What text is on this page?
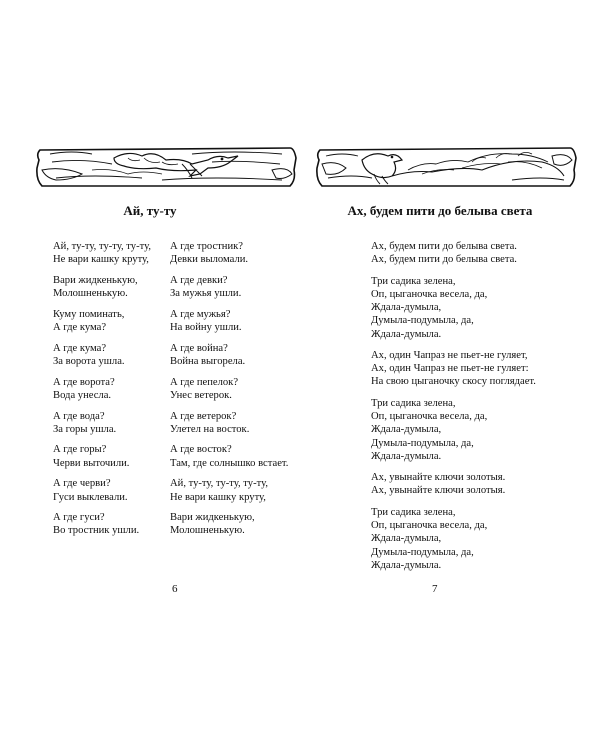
Ай, ту-ту
Ай, ту-ту, ту-ту, ту-ту,
Не вари кашку круту,
Вари жидкенькую,
Молошненькую.
Куму поминать,
А где кума?
А где кума?
За ворота ушла.
А где ворота?
Вода унесла.
А где вода?
За горы ушла.
А где горы?
Черви выточили.
А где черви?
Гуси выклевали.
А где гуси?
Во тростник ушли.
А где тростник?
Девки выломали.
А где девки?
За мужья ушли.
А где мужья?
На войну ушли.
А где война?
Война выгорела.
А где пепелок?
Унес ветерок.
А где ветерок?
Улетел на восток.
А где восток?
Там, где солнышко встает.
Ай, ту-ту, ту-ту, ту-ту,
Не вари кашку круту,
Вари жидкенькую,
Молошненькую.
6
Ах, будем пити до белыва света
Ах, будем пити до белыва света.
Ах, будем пити до белыва света.
Три садика зелена,
Оп, цыганочка весела, да,
Ждала-думыла,
Думыла-подумыла, да,
Ждала-думыла.
Ах, один Чапраз не пьет-не гуляет,
Ах, один Чапраз не пьет-не гуляет:
На свою цыганочку скосу поглядает.
Три садика зелена,
Оп, цыганочка весела, да,
Ждала-думыла,
Думыла-подумыла, да,
Ждала-думыла.
Ах, увынайте ключи золотыя.
Ах, увынайте ключи золотыя.
Три садика зелена,
Оп, цыганочка весела, да,
Ждала-думыла,
Думыла-подумыла, да,
Ждала-думыла.
7
